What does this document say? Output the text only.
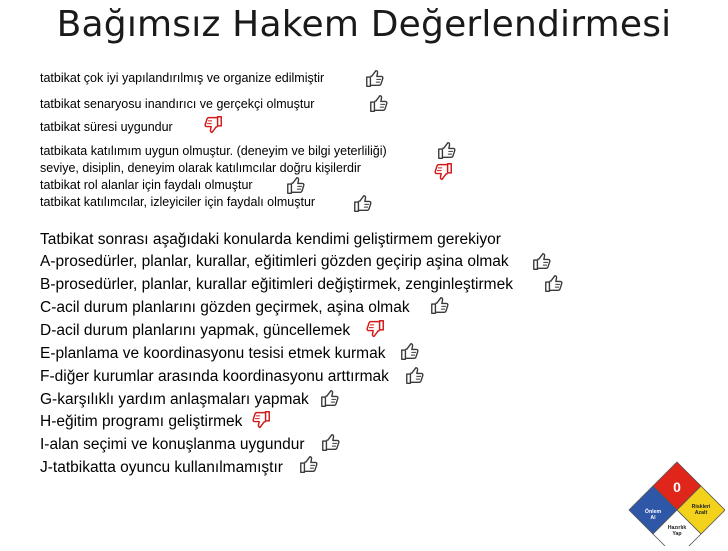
Bağımsız Hakem Değerlendirmesi
tatbikat çok iyi yapılandırılmış ve organize edilmiştir
tatbikat senaryosu inandırıcı ve gerçekçi olmuştur
tatbikat süresi uygundur
tatbikata katılımım uygun olmuştur. (deneyim ve bilgi yeterliliği)
seviye, disiplin, deneyim olarak katılımcılar doğru kişilerdir
tatbikat rol alanlar için faydalı olmuştur
tatbikat katılımcılar, izleyiciler için faydalı olmuştur
Tatbikat sonrası aşağıdaki konularda kendimi geliştirmem gerekiyor
A-prosedürler, planlar, kurallar, eğitimleri gözden geçirip aşina olmak
B-prosedürler, planlar, kurallar eğitimleri değiştirmek, zenginleştirmek
C-acil durum planlarını gözden geçirmek, aşina olmak
D-acil durum planlarını yapmak, güncellemek
E-planlama ve koordinasyonu tesisi etmek kurmak
F-diğer kurumlar arasında koordinasyonu arttırmak
G-karşılıklı yardım anlaşmaları yapmak
H-eğitim programı geliştirmek
I-alan seçimi ve konuşlanma uygundur
J-tatbikatta oyuncu kullanılmamıştır
0
Önlem Al
Riskleri Azalt
Hazırlık Yap
